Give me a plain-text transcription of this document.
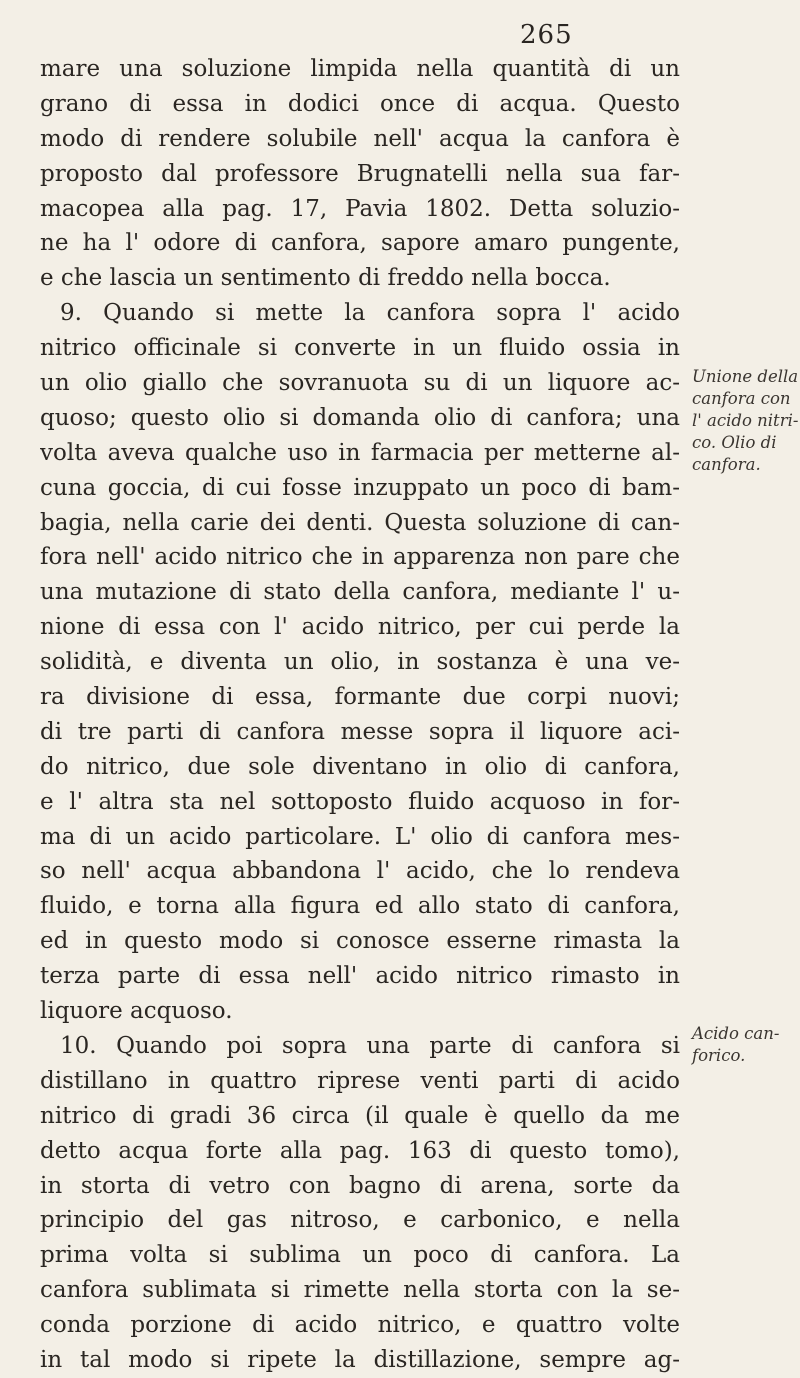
265
mare una soluzione limpida nella quantità di un
grano di essa in dodici once di acqua. Questo
modo di rendere solubile nell' acqua la canfora è
proposto dal professore Brugnatelli nella sua far-
macopea alla pag. 17, Pavia 1802. Detta soluzio-
ne ha l' odore di canfora, sapore amaro pungente,
e che lascia un sentimento di freddo nella bocca.
9. Quando si mette la canfora sopra l' acido
nitrico officinale si converte in un fluido ossia in
un olio giallo che sovranuota su di un liquore ac-
quoso; questo olio si domanda olio di canfora; una
volta aveva qualche uso in farmacia per metterne al-
cuna goccia, di cui fosse inzuppato un poco di bam-
bagia, nella carie dei denti. Questa soluzione di can-
fora nell' acido nitrico che in apparenza non pare che
una mutazione di stato della canfora, mediante l' u-
nione di essa con l' acido nitrico, per cui perde la
solidità, e diventa un olio, in sostanza è una ve-
ra divisione di essa, formante due corpi nuovi;
di tre parti di canfora messe sopra il liquore aci-
do nitrico, due sole diventano in olio di canfora,
e l' altra sta nel sottoposto fluido acquoso in for-
ma di un acido particolare. L' olio di canfora mes-
so nell' acqua abbandona l' acido, che lo rendeva
fluido, e torna alla figura ed allo stato di canfora,
ed in questo modo si conosce esserne rimasta la
terza parte di essa nell' acido nitrico rimasto in
liquore acquoso.
10. Quando poi sopra una parte di canfora si
distillano in quattro riprese venti parti di acido
nitrico di gradi 36 circa (il quale è quello da me
detto acqua forte alla pag. 163 di questo tomo),
in storta di vetro con bagno di arena, sorte da
principio del gas nitroso, e carbonico, e nella
prima volta si sublima un poco di canfora. La
canfora sublimata si rimette nella storta con la se-
conda porzione di acido nitrico, e quattro volte
in tal modo si ripete la distillazione, sempre ag-
Unione della
canfora con
l' acido nitri-
co. Olio di
canfora.
Acido can-
forico.
